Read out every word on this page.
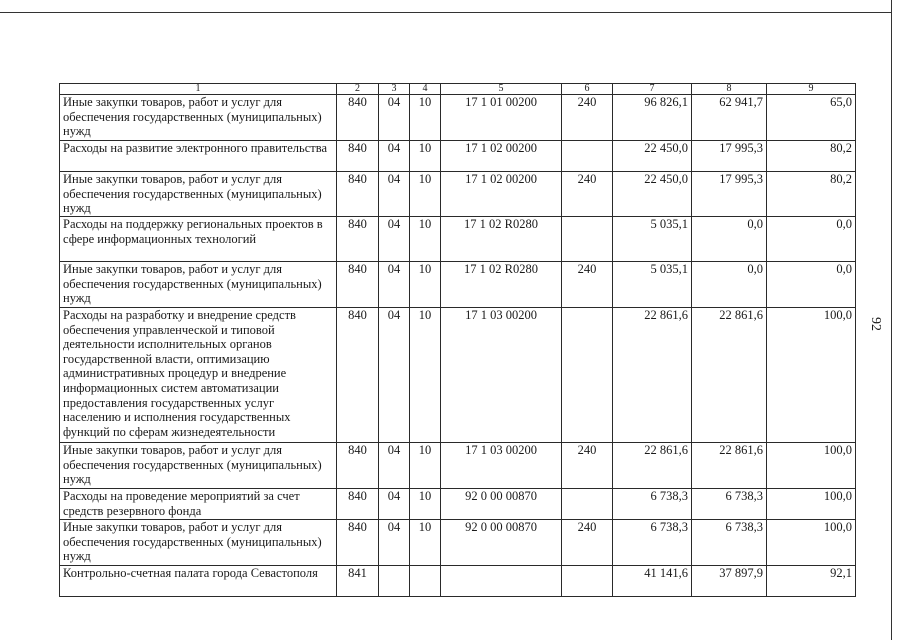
92
1	2	3	4	5	6	7	8	9
Иные закупки товаров, работ и услуг для обеспечения государственных (муниципальных) нужд	840	04	10	17 1 01 00200	240	96 826,1	62 941,7	65,0
Расходы на развитие электронного правительства	840	04	10	17 1 02 00200		22 450,0	17 995,3	80,2
Иные закупки товаров, работ и услуг для обеспечения государственных (муниципальных) нужд	840	04	10	17 1 02 00200	240	22 450,0	17 995,3	80,2
Расходы на поддержку региональных проектов в сфере информационных технологий	840	04	10	17 1 02 R0280		5 035,1	0,0	0,0
Иные закупки товаров, работ и услуг для обеспечения государственных (муниципальных) нужд	840	04	10	17 1 02 R0280	240	5 035,1	0,0	0,0
Расходы на разработку и внедрение средств обеспечения управленческой и типовой деятельности исполнительных органов государственной власти, оптимизацию административных процедур и внедрение информационных систем автоматизации предоставления государственных услуг населению и исполнения государственных функций по сферам жизнедеятельности	840	04	10	17 1 03 00200		22 861,6	22 861,6	100,0
Иные закупки товаров, работ и услуг для обеспечения государственных (муниципальных) нужд	840	04	10	17 1 03 00200	240	22 861,6	22 861,6	100,0
Расходы на проведение мероприятий за счет средств резервного фонда	840	04	10	92 0 00 00870		6 738,3	6 738,3	100,0
Иные закупки товаров, работ и услуг для обеспечения государственных (муниципальных) нужд	840	04	10	92 0 00 00870	240	6 738,3	6 738,3	100,0
Контрольно-счетная палата города Севастополя	841					41 141,6	37 897,9	92,1
